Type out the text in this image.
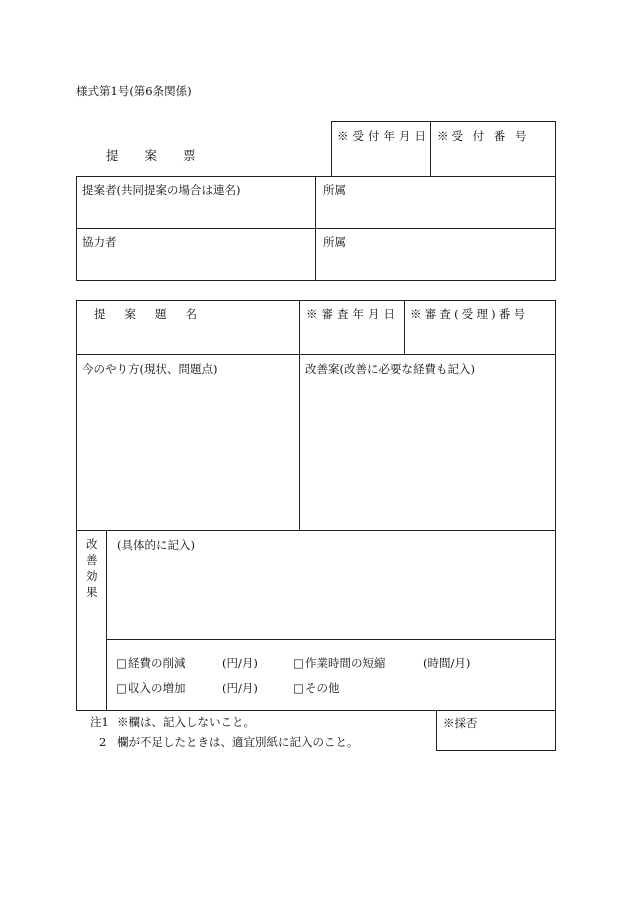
様式第1号(第6条関係)
提案票
※受付年月日 ※受 付 番 号
提案者(共同提案の場合は連名)	所属
協力者	所属
提案題名	※審査年月日 ※審査(受理)番号
今のやり方(現状、問題点)	改善案(改善に必要な経費も記入)
改
善
効
果
(具体的に記入)
□ 経費の削減	(円/月)	□ 作業時間の短縮	(時間/月)
□ 収入の増加	(円/月)	□ その他
注1 ※欄は、記入しないこと。
2 欄が不足したときは、適宜別紙に記入のこと。
※採否
